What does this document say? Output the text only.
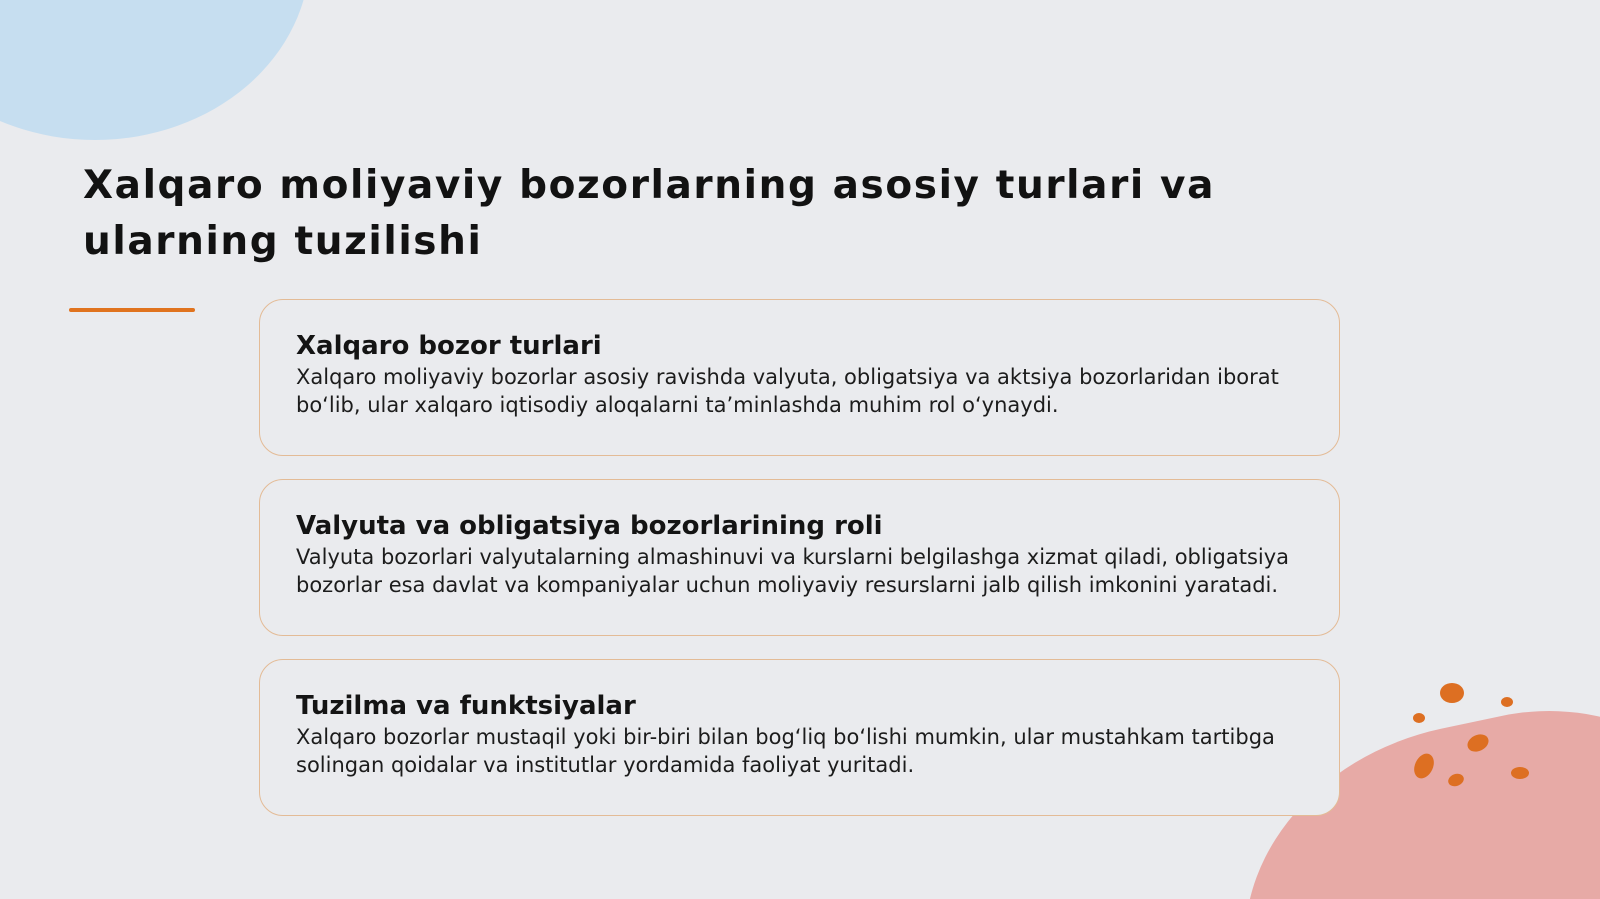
Xalqaro moliyaviy bozorlarning asosiy turlari va ularning tuzilishi
Xalqaro bozor turlari

Xalqaro moliyaviy bozorlar asosiy ravishda valyuta, obligatsiya va aktsiya bozorlaridan iborat bo‘lib, ular xalqaro iqtisodiy aloqalarni ta’minlashda muhim rol o‘ynaydi.

Valyuta va obligatsiya bozorlarining roli

Valyuta bozorlari valyutalarning almashinuvi va kurslarni belgilashga xizmat qiladi, obligatsiya bozorlar esa davlat va kompaniyalar uchun moliyaviy resurslarni jalb qilish imkonini yaratadi.

Tuzilma va funktsiyalar

Xalqaro bozorlar mustaqil yoki bir-biri bilan bog‘liq bo‘lishi mumkin, ular mustahkam tartibga solingan qoidalar va institutlar yordamida faoliyat yuritadi.
